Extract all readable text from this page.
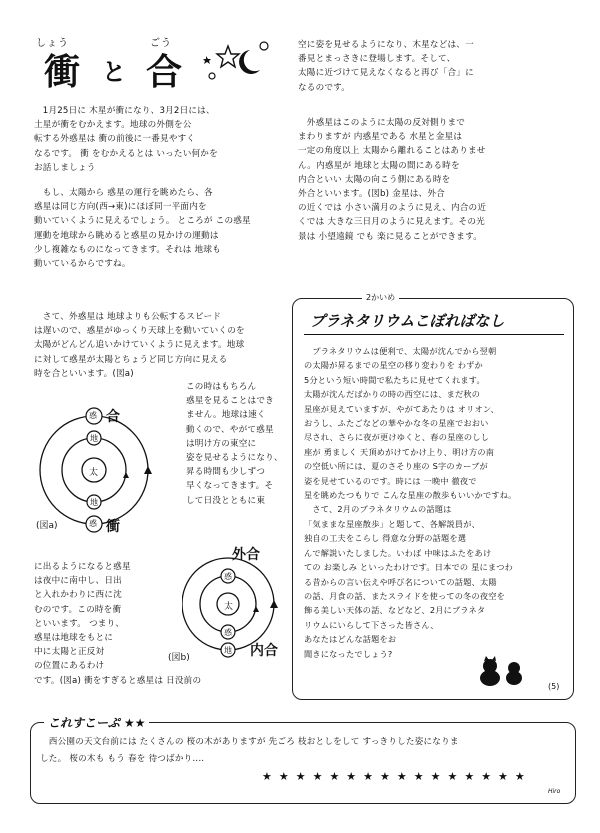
しょう	ごう
衝 と 合
　1月25日に 木星が衝になり、3月2日には、
土星が衝をむかえます。地球の外側を公
転する外惑星は 衝の前後に一番見やすく
なるです。 衝 をむかえるとは いったい何かを
お話しましょう
　もし、太陽から 惑星の運行を眺めたら、各
惑星は同じ方向(西→東)にほぼ同一平面内を
動いていくように見えるでしょう。 ところが この惑星
運動を地球から眺めると惑星の見かけの運動は
少し複雑なものになってきます。それは 地球も
動いているからですね。
　さて、外惑星は 地球よりも公転するスピード
は遅いので、惑星がゆっくり天球上を動いていくのを
太陽がどんどん追いかけていくように見えます。地球
に対して惑星が太陽とちょうど同じ方向に見える
時を合といいます。(図a)
この時はもちろん
惑星を見ることはでき
ません。地球は速く
動くので、やがて惑星
は明け方の東空に
姿を見せるようになり、
昇る時間も少しずつ
早くなってきます。そ
して日没とともに東
に出るようになると惑星
は夜中に南中し、日出
と入れかわりに西に沈
むのです。この時を衝
といいます。 つまり、
惑星は地球をもとに
中に太陽と正反対
の位置にあるわけ
です。(図a) 衝をすぎると惑星は 日没前の
惑
地
太
地
惑
合
衝
(図a)
惑
太
惑
地
外合
内合
(図b)
空に姿を見せるようになり、木星などは、一
番見とまっさきに登場します。そして、
太陽に近づけて見えなくなると再び「合」に
なるのです。
　外惑星はこのように太陽の反対側りまで
まわりますが 内惑星である 水星と金星は
一定の角度以上 太陽から離れることはありませ
ん。内惑星が 地球と太陽の間にある時を
内合といい 太陽の向こう側にある時を
外合といいます。(図b) 金星は、外合
の近くでは 小さい満月のように見え、内合の近
くでは 大きな三日月のように見えます。その光
景は 小望遠鏡 でも 楽に見ることができます。
2かいめ
プラネタリウムこぼればなし
　プラネタリウムは便利で、太陽が沈んでから翌朝
の太陽が昇るまでの星空の移り変わりを わずか
5分という短い時間で私たちに見せてくれます。
太陽が沈んだばかりの時の西空には、まだ秋の
星座が見えていますが、やがてあたりは オリオン、
おうし、ふたごなどの華やかな冬の星座でおおい
尽され、さらに夜が更けゆくと、春の星座のしし
座が 勇ましく 天頂めがけてかけ上り、明け方の南
の空低い所には、夏のさそり座の S字のカーブが
姿を見せているのです。時には 一晩中 徹夜で
星を眺めたつもりで こんな星座の散歩もいいかですね。
　さて、2月のプラネタリウムの話題は
「気ままな星座散歩」と題して、各解説員が、
独自の工夫をこらし 得意な分野の話題を選
んで解説いたしました。いわば 中味はふたをあけ
ての お楽しみ といったわけです。日本での 星にまつわ
る昔からの言い伝えや呼び名についての話題、太陽
の話、月食の話、またスライドを使っての冬の夜空を
飾る美しい天体の話、などなど、2月にプラネタ
リウムにいらして下さった皆さん、
あなたはどんな話題をお
聞きになったでしょう?
(5)
これすこーぷ ★★
　西公園の天文台前には たくさんの 桜の木がありますが 先ごろ 枝おとしをして すっきりした姿になりま
した。 桜の木も もう 春を 待つばかり‥‥
★★★★★★★★★★★★★★★★
Hiro
